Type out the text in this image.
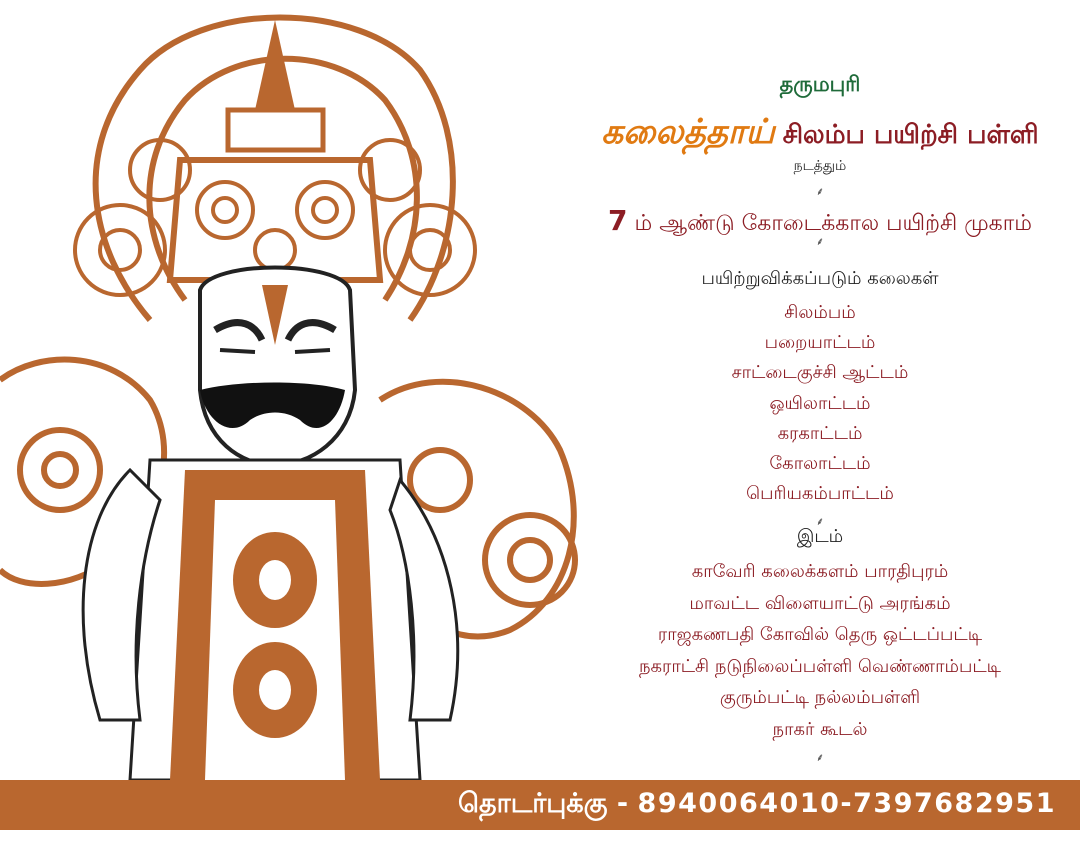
தருமபுரி
கலைத்தாய் சிலம்ப பயிற்சி பள்ளி
நடத்தும்
⸙
7 ம் ஆண்டு கோடைக்கால பயிற்சி முகாம்
⸙
பயிற்றுவிக்கப்படும் கலைகள்
சிலம்பம்
பறையாட்டம்
சாட்டைகுச்சி ஆட்டம்
ஒயிலாட்டம்
கரகாட்டம்
கோலாட்டம்
பெரியகம்பாட்டம்
⸙
இடம்
காவேரி கலைக்களம் பாரதிபுரம்
மாவட்ட விளையாட்டு அரங்கம்
ராஜகணபதி கோவில் தெரு ஒட்டப்பட்டி
நகராட்சி நடுநிலைப்பள்ளி வெண்ணாம்பட்டி
குரும்பட்டி நல்லம்பள்ளி
நாகர் கூடல்
⸙
தொடர்புக்கு - 8940064010-7397682951
